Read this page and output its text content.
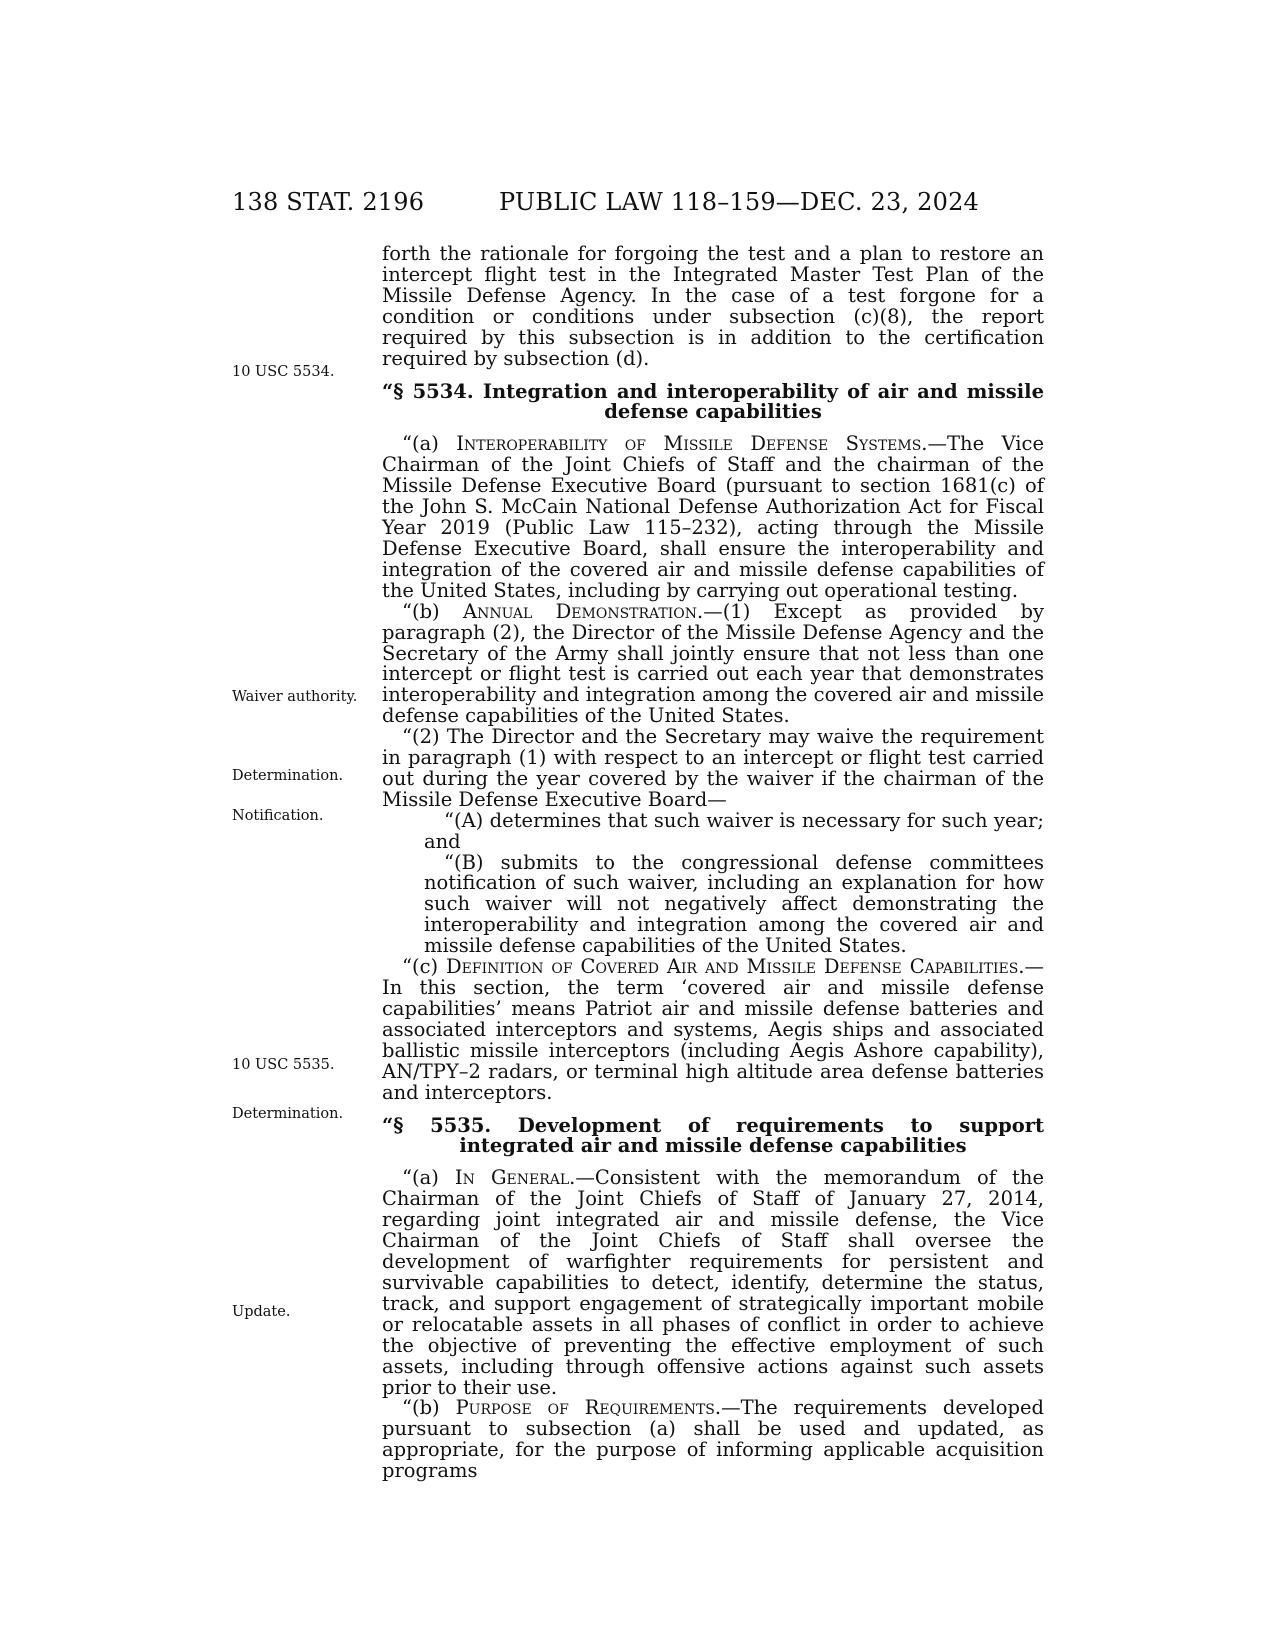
138 STAT. 2196	PUBLIC LAW 118–159—DEC. 23, 2024
10 USC 5534.
Waiver authority.
Determination.
Notification.
10 USC 5535.
Determination.
Update.

forth the rationale for forgoing the test and a plan to restore an intercept flight test in the Integrated Master Test Plan of the Missile Defense Agency. In the case of a test forgone for a condition or conditions under subsection (c)(8), the report required by this subsection is in addition to the certification required by subsection (d).

“§ 5534. Integration and interoperability of air and missile defense capabilities

“(a) Interoperability of Missile Defense Systems.—The Vice Chairman of the Joint Chiefs of Staff and the chairman of the Missile Defense Executive Board (pursuant to section 1681(c) of the John S. McCain National Defense Authorization Act for Fiscal Year 2019 (Public Law 115–232), acting through the Missile Defense Executive Board, shall ensure the interoperability and integration of the covered air and missile defense capabilities of the United States, including by carrying out operational testing.

“(b) Annual Demonstration.—(1) Except as provided by paragraph (2), the Director of the Missile Defense Agency and the Secretary of the Army shall jointly ensure that not less than one intercept or flight test is carried out each year that demonstrates interoperability and integration among the covered air and missile defense capabilities of the United States.

“(2) The Director and the Secretary may waive the requirement in paragraph (1) with respect to an intercept or flight test carried out during the year covered by the waiver if the chairman of the Missile Defense Executive Board—

“(A) determines that such waiver is necessary for such year; and

“(B) submits to the congressional defense committees notification of such waiver, including an explanation for how such waiver will not negatively affect demonstrating the interoperability and integration among the covered air and missile defense capabilities of the United States.

“(c) Definition of Covered Air and Missile Defense Capabilities.—In this section, the term ‘covered air and missile defense capabilities’ means Patriot air and missile defense batteries and associated interceptors and systems, Aegis ships and associated ballistic missile interceptors (including Aegis Ashore capability), AN/TPY–2 radars, or terminal high altitude area defense batteries and interceptors.

“§ 5535. Development of requirements to support integrated air and missile defense capabilities

“(a) In General.—Consistent with the memorandum of the Chairman of the Joint Chiefs of Staff of January 27, 2014, regarding joint integrated air and missile defense, the Vice Chairman of the Joint Chiefs of Staff shall oversee the development of warfighter requirements for persistent and survivable capabilities to detect, identify, determine the status, track, and support engagement of strategically important mobile or relocatable assets in all phases of conflict in order to achieve the objective of preventing the effective employment of such assets, including through offensive actions against such assets prior to their use.

“(b) Purpose of Requirements.—The requirements developed pursuant to subsection (a) shall be used and updated, as appropriate, for the purpose of informing applicable acquisition programs
